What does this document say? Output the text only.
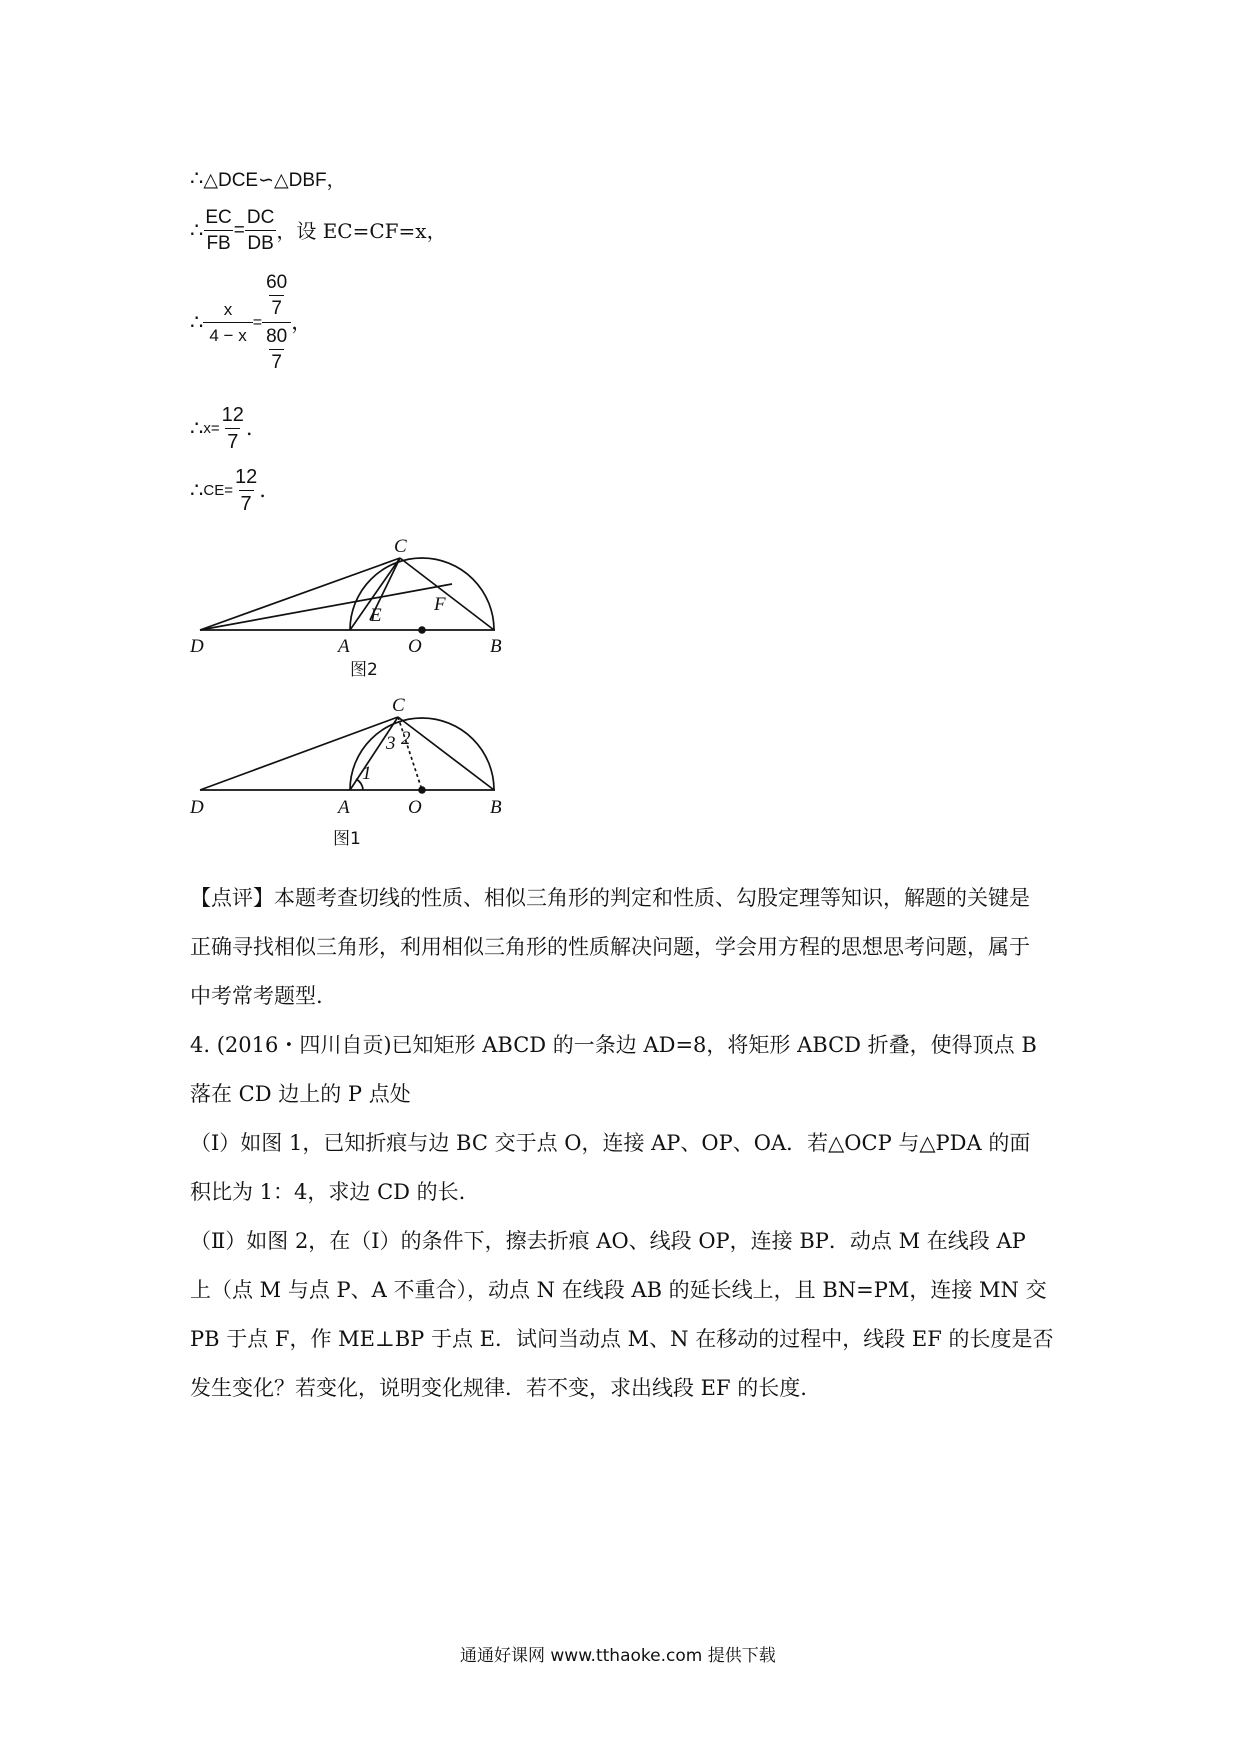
∴ △DCE∽△DBF，
∴ $\frac{EC}{FB} = \frac{DC}{DB}$ ，设 EC=CF=x，
∴ $\frac{x}{4 - x} = \frac{\frac{60}{7}}{\frac{80}{7}}$ ，
∴ $x= \frac{12}{7}$ .
∴ $CE= \frac{12}{7}$ .
C
D	A	O	B
E
F
图2
C
D	A	O	B
1
3 2
图1
【点评】本题考查切线的性质、相似三角形的判定和性质、勾股定理等知识，解题的关键是
正确寻找相似三角形，利用相似三角形的性质解决问题，学会用方程的思想思考问题，属于
中考常考题型.
4. (2016・四川自贡)已知矩形 ABCD 的一条边 AD=8，将矩形 ABCD 折叠，使得顶点 B
落在 CD 边上的 P 点处
（Ⅰ）如图 1，已知折痕与边 BC 交于点 O，连接 AP、OP、OA．若△OCP 与△PDA 的面
积比为 1：4，求边 CD 的长.
（Ⅱ）如图 2，在（Ⅰ）的条件下，擦去折痕 AO、线段 OP，连接 BP．动点 M 在线段 AP
上（点 M 与点 P、A 不重合），动点 N 在线段 AB 的延长线上，且 BN=PM，连接 MN 交
PB 于点 F，作 ME⊥BP 于点 E．试问当动点 M、N 在移动的过程中，线段 EF 的长度是否
发生变化？若变化，说明变化规律．若不变，求出线段 EF 的长度.
通通好课网 www.tthaoke.com 提供下载
